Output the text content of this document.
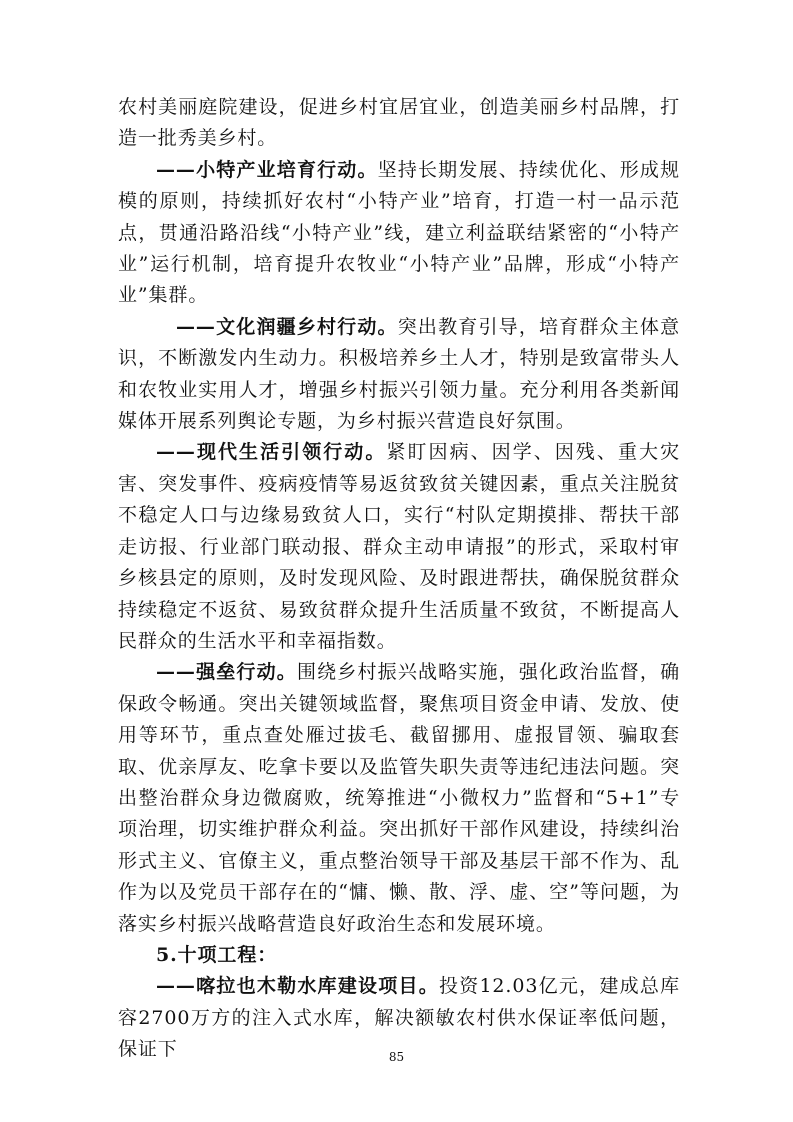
农村美丽庭院建设，促进乡村宜居宜业，创造美丽乡村品牌，打造一批秀美乡村。

——小特产业培育行动。坚持长期发展、持续优化、形成规模的原则，持续抓好农村“小特产业”培育，打造一村一品示范点，贯通沿路沿线“小特产业”线，建立利益联结紧密的“小特产业”运行机制，培育提升农牧业“小特产业”品牌，形成“小特产业”集群。

——文化润疆乡村行动。突出教育引导，培育群众主体意识，不断激发内生动力。积极培养乡土人才，特别是致富带头人和农牧业实用人才，增强乡村振兴引领力量。充分利用各类新闻媒体开展系列舆论专题，为乡村振兴营造良好氛围。

——现代生活引领行动。紧盯因病、因学、因残、重大灾害、突发事件、疫病疫情等易返贫致贫关键因素，重点关注脱贫不稳定人口与边缘易致贫人口，实行“村队定期摸排、帮扶干部走访报、行业部门联动报、群众主动申请报”的形式，采取村审乡核县定的原则，及时发现风险、及时跟进帮扶，确保脱贫群众持续稳定不返贫、易致贫群众提升生活质量不致贫，不断提高人民群众的生活水平和幸福指数。

——强垒行动。围绕乡村振兴战略实施，强化政治监督，确保政令畅通。突出关键领域监督，聚焦项目资金申请、发放、使用等环节，重点查处雁过拔毛、截留挪用、虚报冒领、骗取套取、优亲厚友、吃拿卡要以及监管失职失责等违纪违法问题。突出整治群众身边微腐败，统筹推进“小微权力”监督和“5+1”专项治理，切实维护群众利益。突出抓好干部作风建设，持续纠治形式主义、官僚主义，重点整治领导干部及基层干部不作为、乱作为以及党员干部存在的“慵、懒、散、浮、虚、空”等问题，为落实乡村振兴战略营造良好政治生态和发展环境。

5.十项工程：

——喀拉也木勒水库建设项目。投资12.03亿元，建成总库容2700万方的注入式水库，解决额敏农村供水保证率低问题，保证下	85
